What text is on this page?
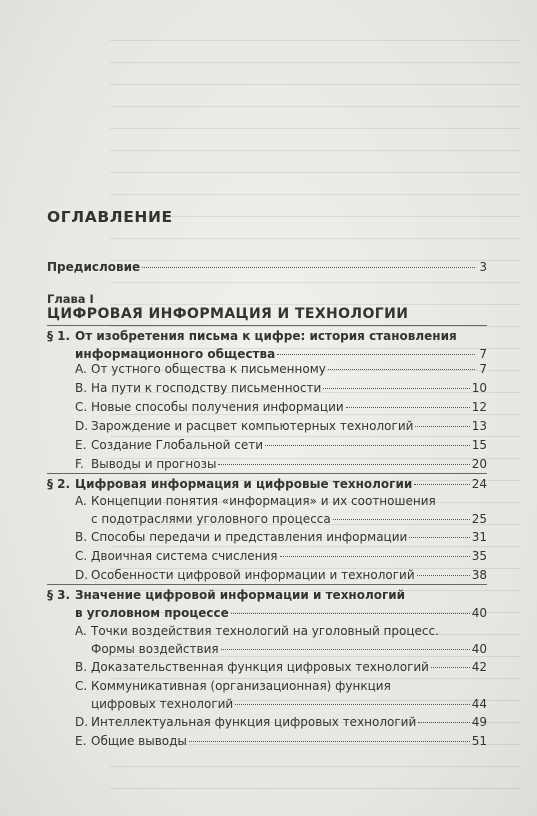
ОГЛАВЛЕНИЕ
Предисловие	3
Глава I
ЦИФРОВАЯ ИНФОРМАЦИЯ И ТЕХНОЛОГИИ
§ 1. От изобретения письма к цифре: история становления
информационного общества	7
A. От устного общества к письменному	7
B. На пути к господству письменности	10
C. Новые способы получения информации	12
D. Зарождение и расцвет компьютерных технологий	13
E. Создание Глобальной сети	15
F. Выводы и прогнозы	20
§ 2. Цифровая информация и цифровые технологии	24
A. Концепции понятия «информация» и их соотношения
с подотраслями уголовного процесса	25
B. Способы передачи и представления информации	31
C. Двоичная система счисления	35
D. Особенности цифровой информации и технологий	38
§ 3. Значение цифровой информации и технологий
в уголовном процессе	40
A. Точки воздействия технологий на уголовный процесс.
Формы воздействия	40
B. Доказательственная функция цифровых технологий	42
C. Коммуникативная (организационная) функция
цифровых технологий	44
D. Интеллектуальная функция цифровых технологий	49
E. Общие выводы	51
